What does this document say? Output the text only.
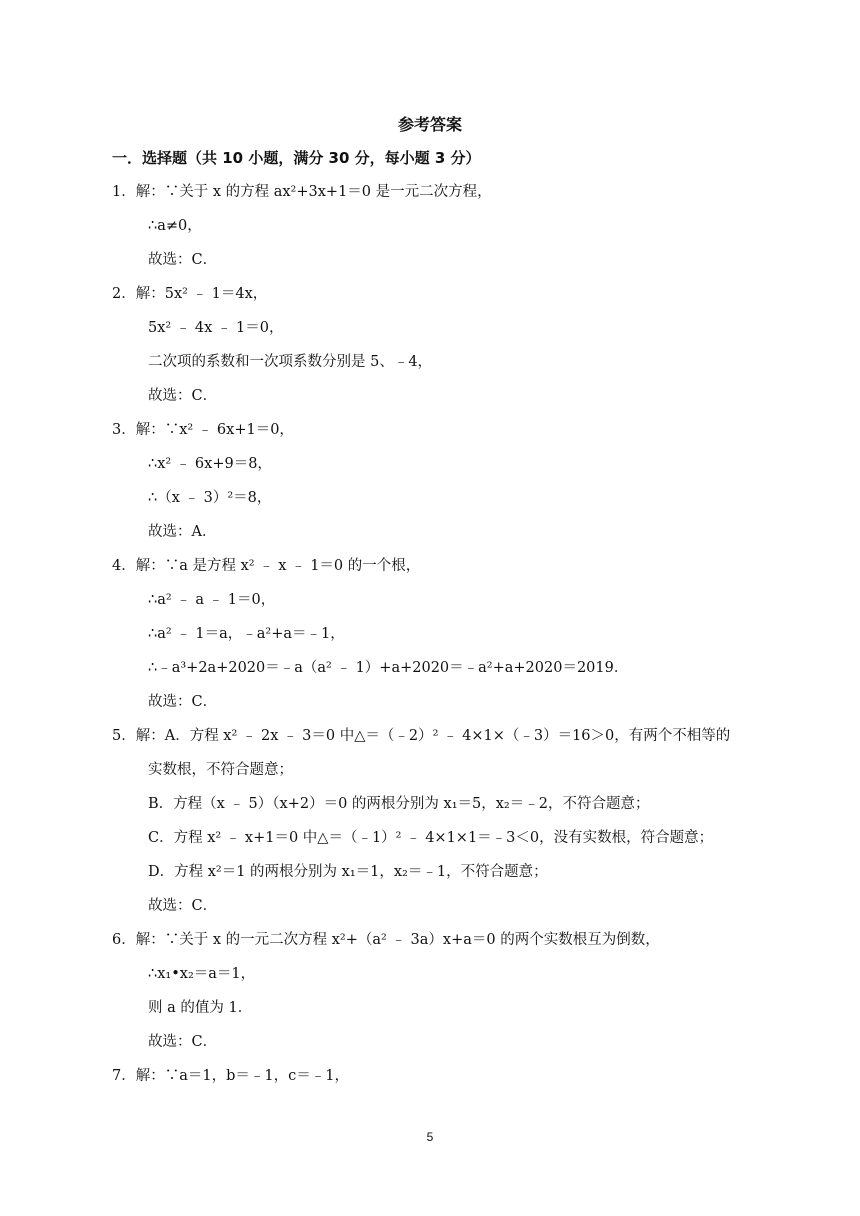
参考答案
一．选择题（共 10 小题，满分 30 分，每小题 3 分）
1．解：∵关于 x 的方程 ax²+3x+1＝0 是一元二次方程，
∴a≠0，
故选：C．
2．解：5x² ﹣ 1＝4x，
5x² ﹣ 4x ﹣ 1＝0，
二次项的系数和一次项系数分别是 5、﹣4，
故选：C．
3．解：∵x² ﹣ 6x+1＝0，
∴x² ﹣ 6x+9＝8，
∴（x ﹣ 3）²＝8，
故选：A．
4．解：∵a 是方程 x² ﹣ x ﹣ 1＝0 的一个根，
∴a² ﹣ a ﹣ 1＝0，
∴a² ﹣ 1＝a，﹣a²+a＝﹣1，
∴﹣a³+2a+2020＝﹣a（a² ﹣ 1）+a+2020＝﹣a²+a+2020＝2019．
故选：C．
5．解：A．方程 x² ﹣ 2x ﹣ 3＝0 中△＝（﹣2）² ﹣ 4×1×（﹣3）＝16＞0，有两个不相等的
实数根，不符合题意；
B．方程（x ﹣ 5）（x+2）＝0 的两根分别为 x₁＝5，x₂＝﹣2，不符合题意；
C．方程 x² ﹣ x+1＝0 中△＝（﹣1）² ﹣ 4×1×1＝﹣3＜0，没有实数根，符合题意；
D．方程 x²＝1 的两根分别为 x₁＝1，x₂＝﹣1，不符合题意；
故选：C．
6．解：∵关于 x 的一元二次方程 x²+（a² ﹣ 3a）x+a＝0 的两个实数根互为倒数，
∴x₁•x₂＝a＝1，
则 a 的值为 1．
故选：C．
7．解：∵a＝1，b＝﹣1，c＝﹣1，
5
